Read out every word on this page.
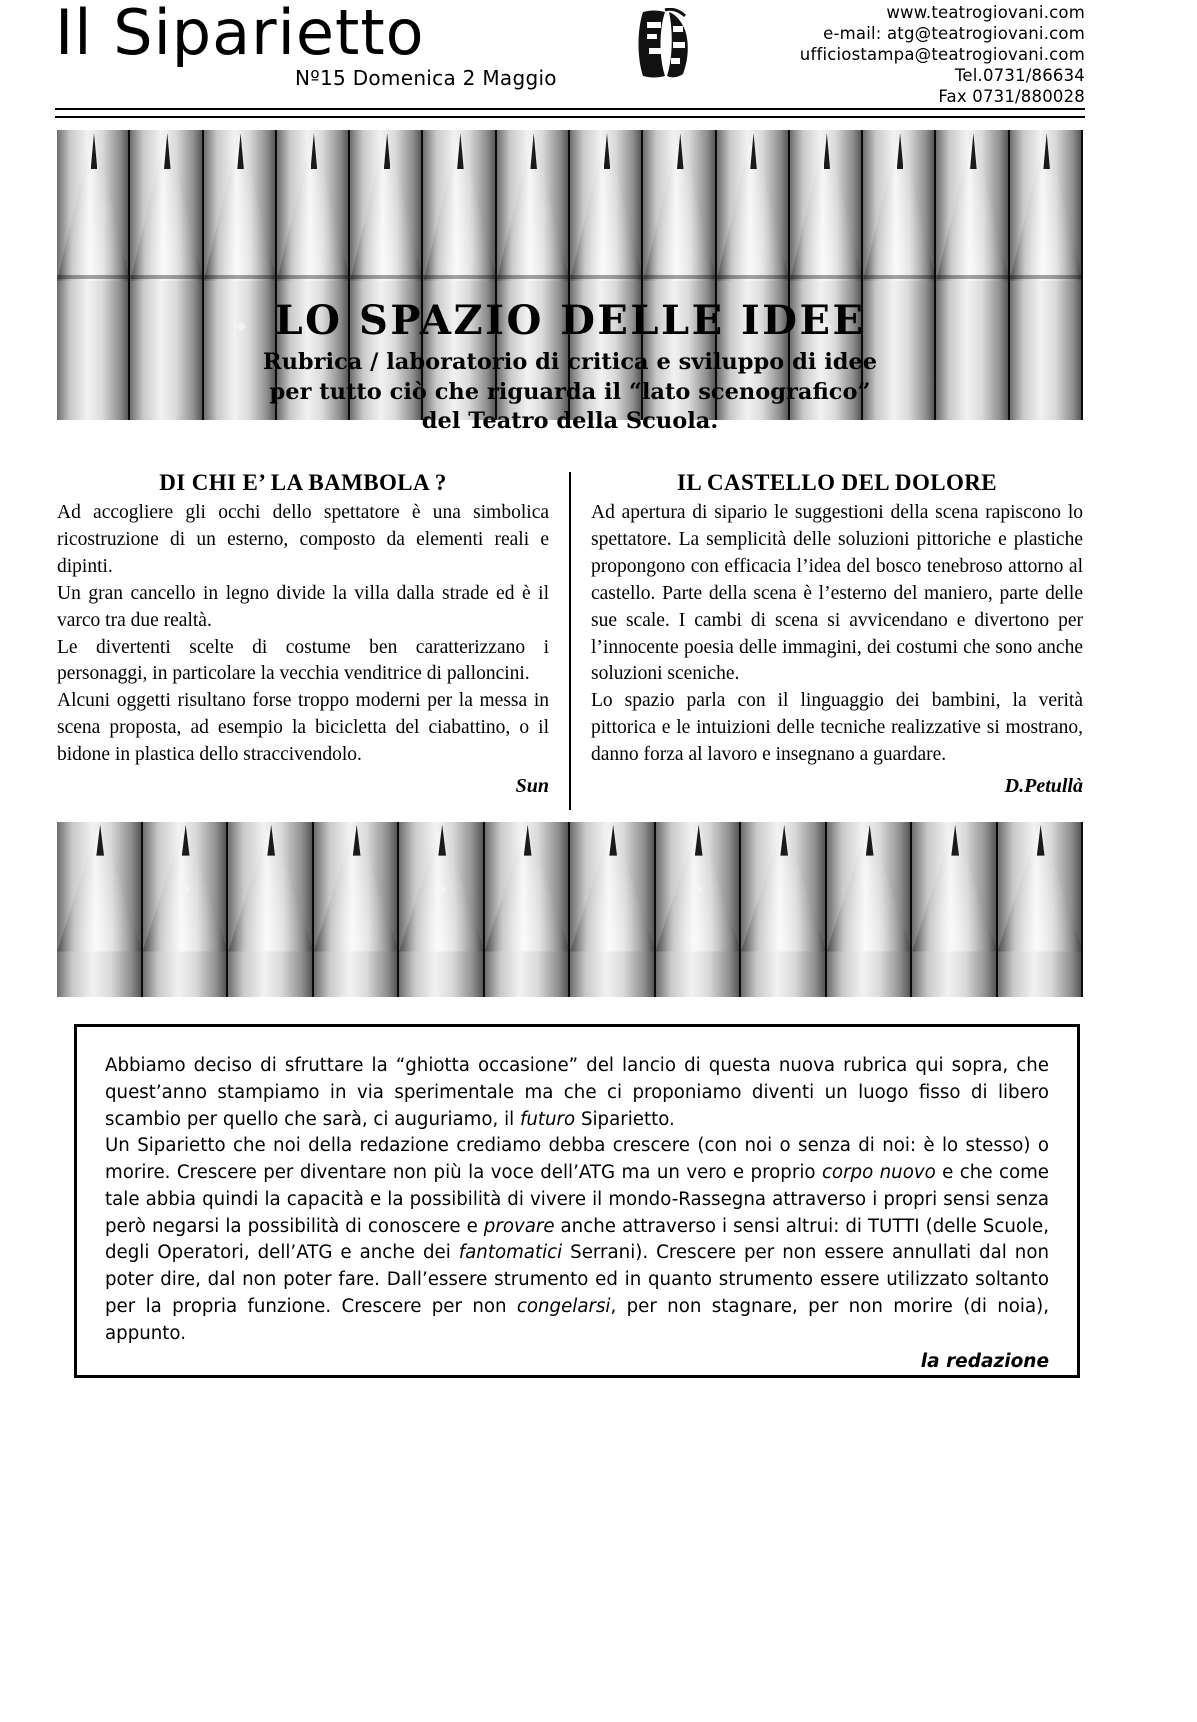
Il Siparietto
Nº15 Domenica 2 Maggio
www.teatrogiovani.com
e-mail: atg@teatrogiovani.com
ufficiostampa@teatrogiovani.com
Tel.0731/86634
Fax 0731/880028
LO SPAZIO DELLE IDEE
Rubrica / laboratorio di critica e sviluppo di idee
per tutto ciò che riguarda il “lato scenografico”
del Teatro della Scuola.
DI CHI E’ LA BAMBOLA ?

Ad accogliere gli occhi dello spettatore è una simbolica ricostruzione di un esterno, composto da elementi reali e dipinti.

Un gran cancello in legno divide la villa dalla strade ed è il varco tra due realtà.

Le divertenti scelte di costume ben caratterizzano i personaggi, in particolare la vecchia venditrice di palloncini.

Alcuni oggetti risultano forse troppo moderni per la messa in scena proposta, ad esempio la bicicletta del ciabattino, o il bidone in plastica dello straccivendolo.

Sun
IL CASTELLO DEL DOLORE

Ad apertura di sipario le suggestioni della scena rapiscono lo spettatore. La semplicità delle soluzioni pittoriche e plastiche propongono con efficacia l’idea del bosco tenebroso attorno al castello. Parte della scena è l’esterno del maniero, parte delle sue scale. I cambi di scena si avvicendano e divertono per l’innocente poesia delle immagini, dei costumi che sono anche soluzioni sceniche.

Lo spazio parla con il linguaggio dei bambini, la verità pittorica e le intuizioni delle tecniche realizzative si mostrano, danno forza al lavoro e insegnano a guardare.

D.Petullà

Abbiamo deciso di sfruttare la “ghiotta occasione” del lancio di questa nuova rubrica qui sopra, che quest’anno stampiamo in via sperimentale ma che ci proponiamo diventi un luogo fisso di libero scambio per quello che sarà, ci auguriamo, il futuro Siparietto.

Un Siparietto che noi della redazione crediamo debba crescere (con noi o senza di noi: è lo stesso) o morire. Crescere per diventare non più la voce dell’ATG ma un vero e proprio corpo nuovo e che come tale abbia quindi la capacità e la possibilità di vivere il mondo-Rassegna attraverso i propri sensi senza però negarsi la possibilità di conoscere e provare anche attraverso i sensi altrui: di TUTTI (delle Scuole, degli Operatori, dell’ATG e anche dei fantomatici Serrani). Crescere per non essere annullati dal non poter dire, dal non poter fare. Dall’essere strumento ed in quanto strumento essere utilizzato soltanto per la propria funzione. Crescere per non congelarsi, per non stagnare, per non morire (di noia), appunto.

la redazione
